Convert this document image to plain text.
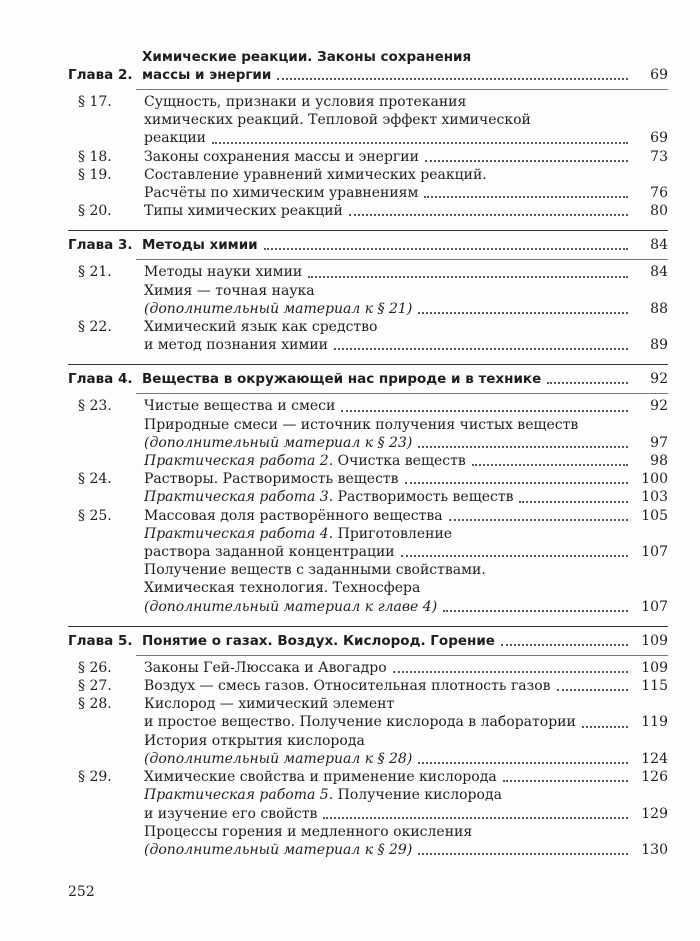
Глава 2.
Химические реакции. Законы сохранения
массы и энергии	69
§ 17.	Сущность, признаки и условия протекания
химических реакций. Тепловой эффект химической
реакции	69
§ 18.	Законы сохранения массы и энергии	73
§ 19.	Составление уравнений химических реакций.
Расчёты по химическим уравнениям	76
§ 20.	Типы химических реакций	80
Глава 3. Методы химии	84
§ 21.	Методы науки химии	84
Химия — точная наука
(дополнительный материал к § 21)	88
§ 22.	Химический язык как средство
и метод познания химии	89
Глава 4. Вещества в окружающей нас природе и в технике	92
§ 23.	Чистые вещества и смеси	92
Природные смеси — источник получения чистых веществ
(дополнительный материал к § 23)	97
Практическая работа 2. Очистка веществ	98
§ 24.	Растворы. Растворимость веществ	100
Практическая работа 3. Растворимость веществ	103
§ 25.	Массовая доля растворённого вещества	105
Практическая работа 4. Приготовление
раствора заданной концентрации	107
Получение веществ с заданными свойствами.
Химическая технология. Техносфера
(дополнительный материал к главе 4)	107
Глава 5. Понятие о газах. Воздух. Кислород. Горение	109
§ 26.	Законы Гей-Люссака и Авогадро	109
§ 27.	Воздух — смесь газов. Относительная плотность газов	115
§ 28.	Кислород — химический элемент
и простое вещество. Получение кислорода в лаборатории	119
История открытия кислорода
(дополнительный материал к § 28)	124
§ 29.	Химические свойства и применение кислорода	126
Практическая работа 5. Получение кислорода
и изучение его свойств	129
Процессы горения и медленного окисления
(дополнительный материал к § 29)	130
252
